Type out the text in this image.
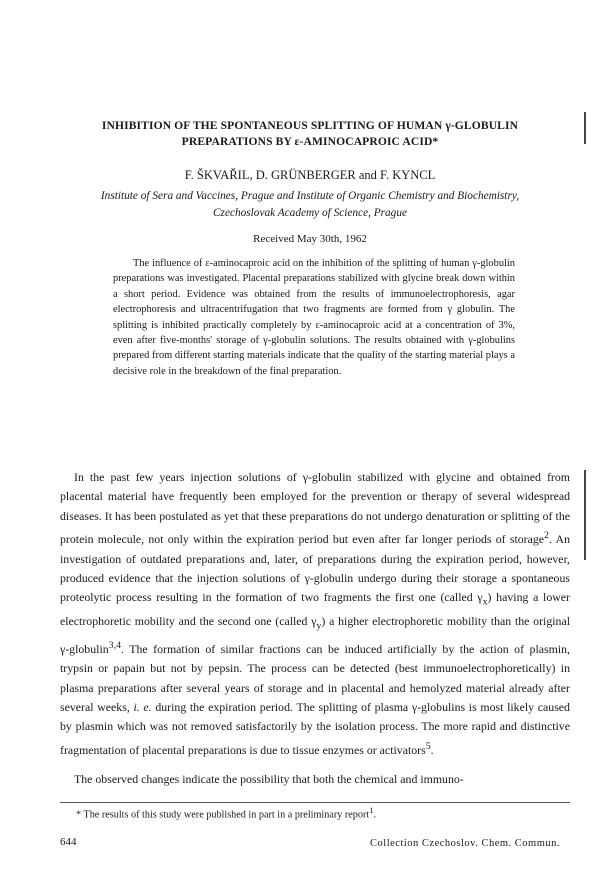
INHIBITION OF THE SPONTANEOUS SPLITTING OF HUMAN γ-GLOBULIN
PREPARATIONS BY ε-AMINOCAPROIC ACID*
F. ŠKVAŘIL, D. GRÜNBERGER and F. KYNCL
Institute of Sera and Vaccines, Prague and Institute of Organic Chemistry and Biochemistry,
Czechoslovak Academy of Science, Prague
Received May 30th, 1962
The influence of ε-aminocaproic acid on the inhibition of the splitting of human γ-globulin preparations was investigated. Placental preparations stabilized with glycine break down within a short period. Evidence was obtained from the results of immunoelectrophoresis, agar electrophoresis and ultracentrifugation that two fragments are formed from γ globulin. The splitting is inhibited practically completely by ε-aminocaproic acid at a concentration of 3%, even after five-months' storage of γ-globulin solutions. The results obtained with γ-globulins prepared from different starting materials indicate that the quality of the starting material plays a decisive role in the breakdown of the final preparation.

In the past few years injection solutions of γ-globulin stabilized with glycine and obtained from placental material have frequently been employed for the prevention or therapy of several widespread diseases. It has been postulated as yet that these preparations do not undergo denaturation or splitting of the protein molecule, not only within the expiration period but even after far longer periods of storage$^2$. An investigation of outdated preparations and, later, of preparations during the expiration period, however, produced evidence that the injection solutions of γ-globulin undergo during their storage a spontaneous proteolytic process resulting in the formation of two fragments the first one (called $\gamma_x$) having a lower electrophoretic mobility and the second one (called $\gamma_y$) a higher electrophoretic mobility than the original γ-globulin$^{3,4}$. The formation of similar fractions can be induced artificially by the action of plasmin, trypsin or papain but not by pepsin. The process can be detected (best immunoelectrophoretically) in plasma preparations after several years of storage and in placental and hemolyzed material already after several weeks, i. e. during the expiration period. The splitting of plasma γ-globulins is most likely caused by plasmin which was not removed satisfactorily by the isolation process. The more rapid and distinctive fragmentation of placental preparations is due to tissue enzymes or activators$^5$.

The observed changes indicate the possibility that both the chemical and immuno-

* The results of this study were published in part in a preliminary report$^1$.
644	Collection Czechoslov. Chem. Commun.
